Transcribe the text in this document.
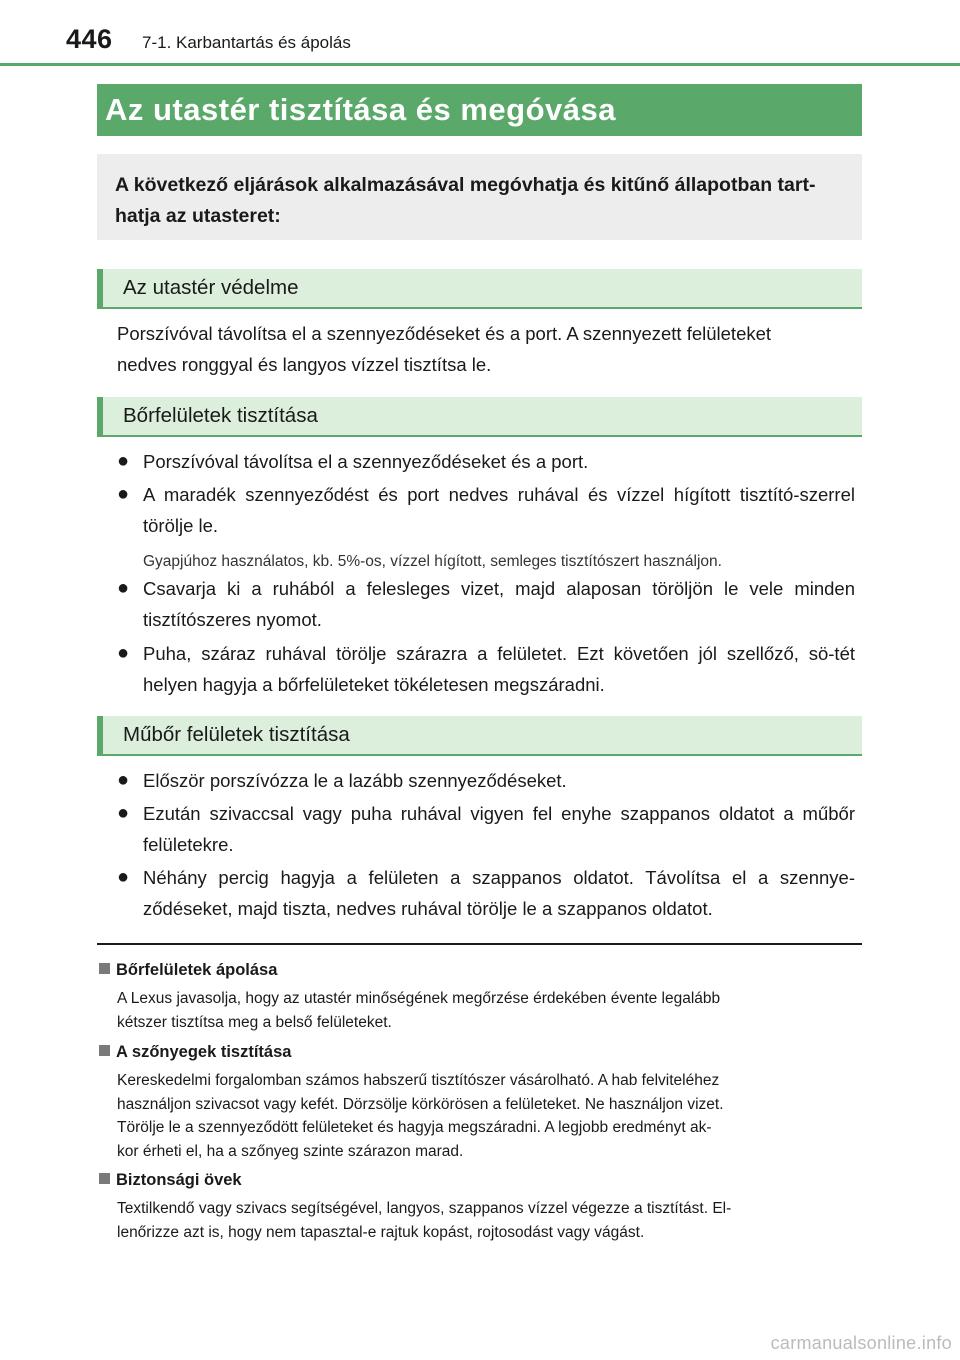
446 7-1. Karbantartás és ápolás
Az utastér tisztítása és megóvása
A következő eljárások alkalmazásával megóvhatja és kitűnő állapotban tart-
hatja az utasteret:
Az utastér védelme
Porszívóval távolítsa el a szennyeződéseket és a port. A szennyezett felületeket
nedves ronggyal és langyos vízzel tisztítsa le.
Bőrfelületek tisztítása
● Porszívóval távolítsa el a szennyeződéseket és a port.
● A maradék szennyeződést és port nedves ruhával és vízzel hígított tisztító-szerrel törölje le.
Gyapjúhoz használatos, kb. 5%-os, vízzel hígított, semleges tisztítószert használjon.
● Csavarja ki a ruhából a felesleges vizet, majd alaposan töröljön le vele minden tisztítószeres nyomot.
● Puha, száraz ruhával törölje szárazra a felületet. Ezt követően jól szellőző, sö-tét helyen hagyja a bőrfelületeket tökéletesen megszáradni.
Műbőr felületek tisztítása
● Először porszívózza le a lazább szennyeződéseket.
● Ezután szivaccsal vagy puha ruhával vigyen fel enyhe szappanos oldatot a műbőr felületekre.
● Néhány percig hagyja a felületen a szappanos oldatot. Távolítsa el a szennye-ződéseket, majd tiszta, nedves ruhával törölje le a szappanos oldatot.
Bőrfelületek ápolása
A Lexus javasolja, hogy az utastér minőségének megőrzése érdekében évente legalább
kétszer tisztítsa meg a belső felületeket.
A szőnyegek tisztítása
Kereskedelmi forgalomban számos habszerű tisztítószer vásárolható. A hab felviteléhez
használjon szivacsot vagy kefét. Dörzsölje körkörösen a felületeket. Ne használjon vizet.
Törölje le a szennyeződött felületeket és hagyja megszáradni. A legjobb eredményt ak-
kor érheti el, ha a szőnyeg szinte szárazon marad.
Biztonsági övek
Textilkendő vagy szivacs segítségével, langyos, szappanos vízzel végezze a tisztítást. El-
lenőrizze azt is, hogy nem tapasztal-e rajtuk kopást, rojtosodást vagy vágást.
carmanualsonline.info
